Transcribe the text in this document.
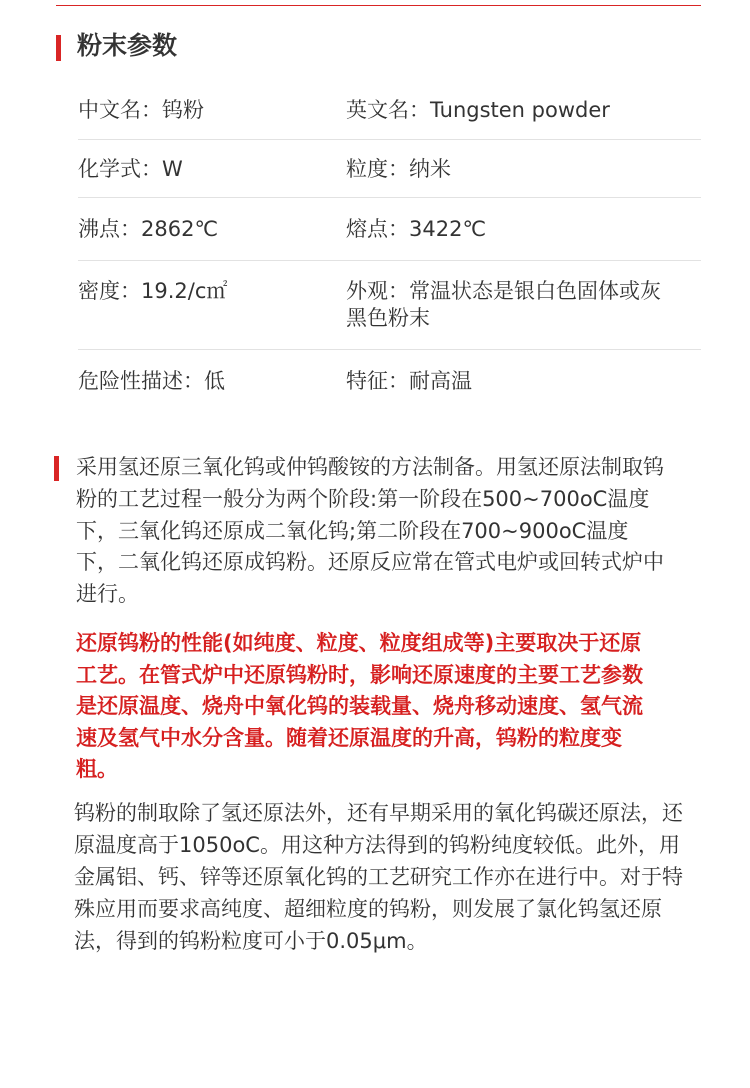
粉末参数
中文名：钨粉	英文名：Tungsten powder
化学式：W	粒度：纳米
沸点：2862℃	熔点：3422℃
密度：19.2/c㎡	外观：常温状态是银白色固体或灰黑色粉末
危险性描述：低	特征：耐高温
采用氢还原三氧化钨或仲钨酸铵的方法制备。用氢还原法制取钨粉的工艺过程一般分为两个阶段:第一阶段在500~700oC温度下，三氧化钨还原成二氧化钨;第二阶段在700~900oC温度下，二氧化钨还原成钨粉。还原反应常在管式电炉或回转式炉中进行。
还原钨粉的性能(如纯度、粒度、粒度组成等)主要取决于还原工艺。在管式炉中还原钨粉时，影响还原速度的主要工艺参数是还原温度、烧舟中氧化钨的装载量、烧舟移动速度、氢气流速及氢气中水分含量。随着还原温度的升高，钨粉的粒度变粗。
钨粉的制取除了氢还原法外，还有早期采用的氧化钨碳还原法，还原温度高于1050oC。用这种方法得到的钨粉纯度较低。此外，用金属铝、钙、锌等还原氧化钨的工艺研究工作亦在进行中。对于特殊应用而要求高纯度、超细粒度的钨粉，则发展了氯化钨氢还原法，得到的钨粉粒度可小于0.05μm。
